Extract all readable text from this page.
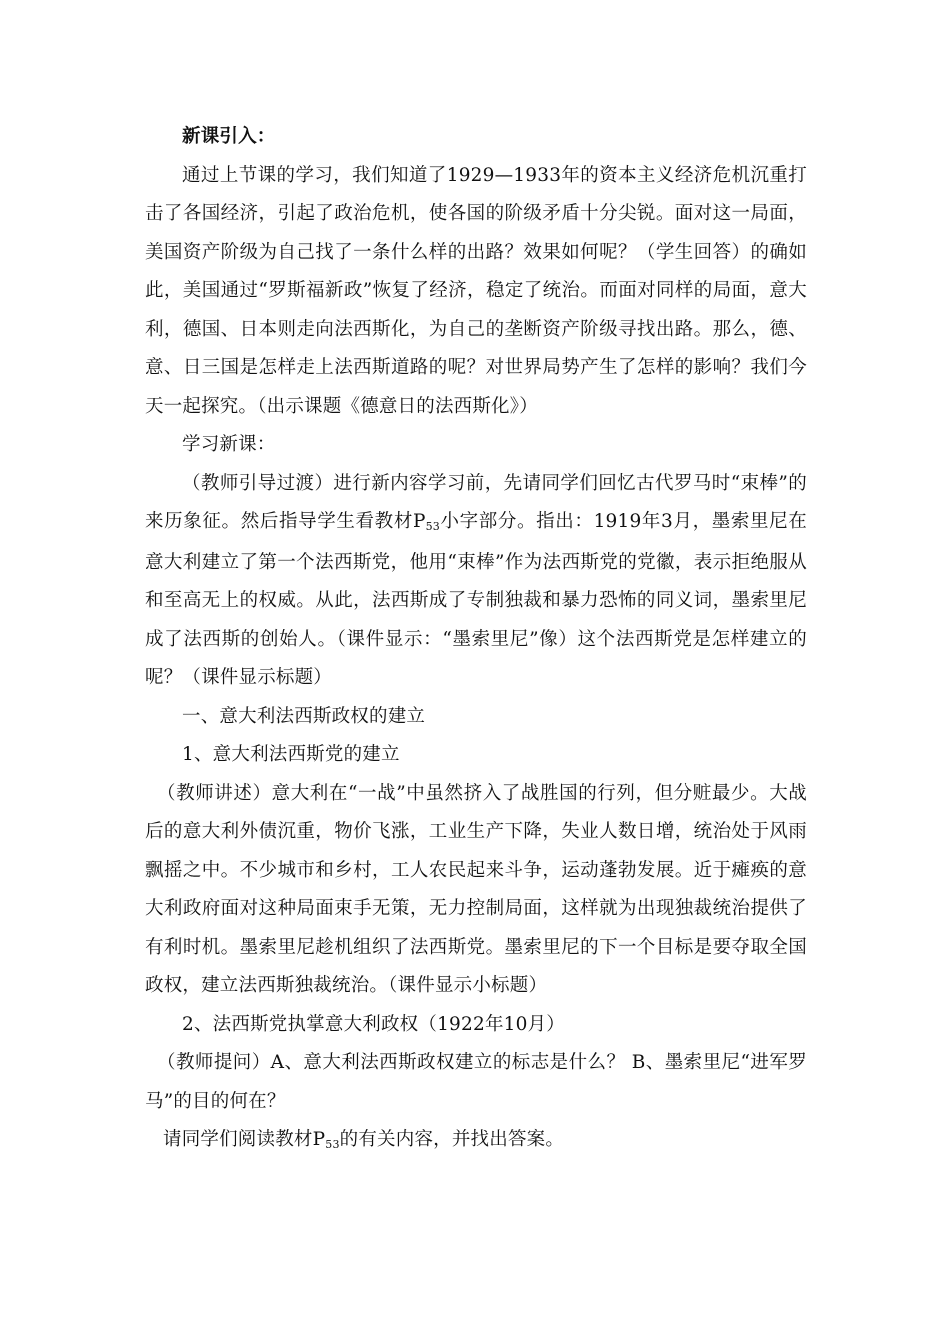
新课引入：

通过上节课的学习，我们知道了1929—1933年的资本主义经济危机沉重打击了各国经济，引起了政治危机，使各国的阶级矛盾十分尖锐。面对这一局面，美国资产阶级为自己找了一条什么样的出路？效果如何呢？（学生回答）的确如此，美国通过“罗斯福新政”恢复了经济，稳定了统治。而面对同样的局面，意大利，德国、日本则走向法西斯化，为自己的垄断资产阶级寻找出路。那么，德、意、日三国是怎样走上法西斯道路的呢？对世界局势产生了怎样的影响？我们今天一起探究。（出示课题《德意日的法西斯化》）

学习新课：

（教师引导过渡）进行新内容学习前，先请同学们回忆古代罗马时“束棒”的来历象征。然后指导学生看教材P53小字部分。指出：1919年3月，墨索里尼在意大利建立了第一个法西斯党，他用“束棒”作为法西斯党的党徽，表示拒绝服从和至高无上的权威。从此，法西斯成了专制独裁和暴力恐怖的同义词，墨索里尼成了法西斯的创始人。（课件显示：“墨索里尼”像）这个法西斯党是怎样建立的呢？（课件显示标题）

一、意大利法西斯政权的建立

1、意大利法西斯党的建立

（教师讲述）意大利在“一战”中虽然挤入了战胜国的行列，但分赃最少。大战后的意大利外债沉重，物价飞涨，工业生产下降，失业人数日增，统治处于风雨飘摇之中。不少城市和乡村，工人农民起来斗争，运动蓬勃发展。近于瘫痪的意大利政府面对这种局面束手无策，无力控制局面，这样就为出现独裁统治提供了有利时机。墨索里尼趁机组织了法西斯党。墨索里尼的下一个目标是要夺取全国政权，建立法西斯独裁统治。（课件显示小标题）

2、法西斯党执掌意大利政权（1922年10月）

（教师提问）A、意大利法西斯政权建立的标志是什么？ B、墨索里尼“进军罗马”的目的何在？

请同学们阅读教材P53的有关内容，并找出答案。
